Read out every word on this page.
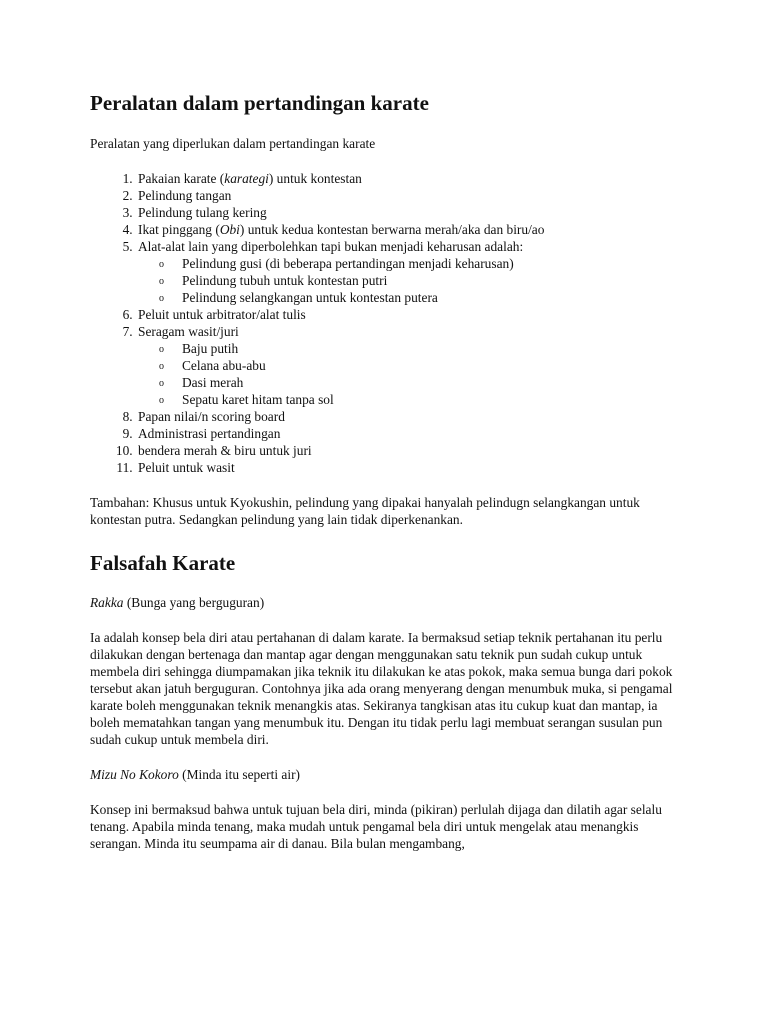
Peralatan dalam pertandingan karate

Peralatan yang diperlukan dalam pertandingan karate

1. Pakaian karate (karategi) untuk kontestan
2. Pelindung tangan
3. Pelindung tulang kering
4. Ikat pinggang (Obi) untuk kedua kontestan berwarna merah/aka dan biru/ao
5. Alat-alat lain yang diperbolehkan tapi bukan menjadi keharusan adalah:
o Pelindung gusi (di beberapa pertandingan menjadi keharusan)
o Pelindung tubuh untuk kontestan putri
o Pelindung selangkangan untuk kontestan putera
6. Peluit untuk arbitrator/alat tulis
7. Seragam wasit/juri
o Baju putih
o Celana abu-abu
o Dasi merah
o Sepatu karet hitam tanpa sol
8. Papan nilai/n scoring board
9. Administrasi pertandingan
10. bendera merah & biru untuk juri
11. Peluit untuk wasit

Tambahan: Khusus untuk Kyokushin, pelindung yang dipakai hanyalah pelindugn selangkangan untuk kontestan putra. Sedangkan pelindung yang lain tidak diperkenankan.

Falsafah Karate

Rakka (Bunga yang berguguran)

Ia adalah konsep bela diri atau pertahanan di dalam karate. Ia bermaksud setiap teknik pertahanan itu perlu dilakukan dengan bertenaga dan mantap agar dengan menggunakan satu teknik pun sudah cukup untuk membela diri sehingga diumpamakan jika teknik itu dilakukan ke atas pokok, maka semua bunga dari pokok tersebut akan jatuh berguguran. Contohnya jika ada orang menyerang dengan menumbuk muka, si pengamal karate boleh menggunakan teknik menangkis atas. Sekiranya tangkisan atas itu cukup kuat dan mantap, ia boleh mematahkan tangan yang menumbuk itu. Dengan itu tidak perlu lagi membuat serangan susulan pun sudah cukup untuk membela diri.

Mizu No Kokoro (Minda itu seperti air)

Konsep ini bermaksud bahwa untuk tujuan bela diri, minda (pikiran) perlulah dijaga dan dilatih agar selalu tenang. Apabila minda tenang, maka mudah untuk pengamal bela diri untuk mengelak atau menangkis serangan. Minda itu seumpama air di danau. Bila bulan mengambang,
